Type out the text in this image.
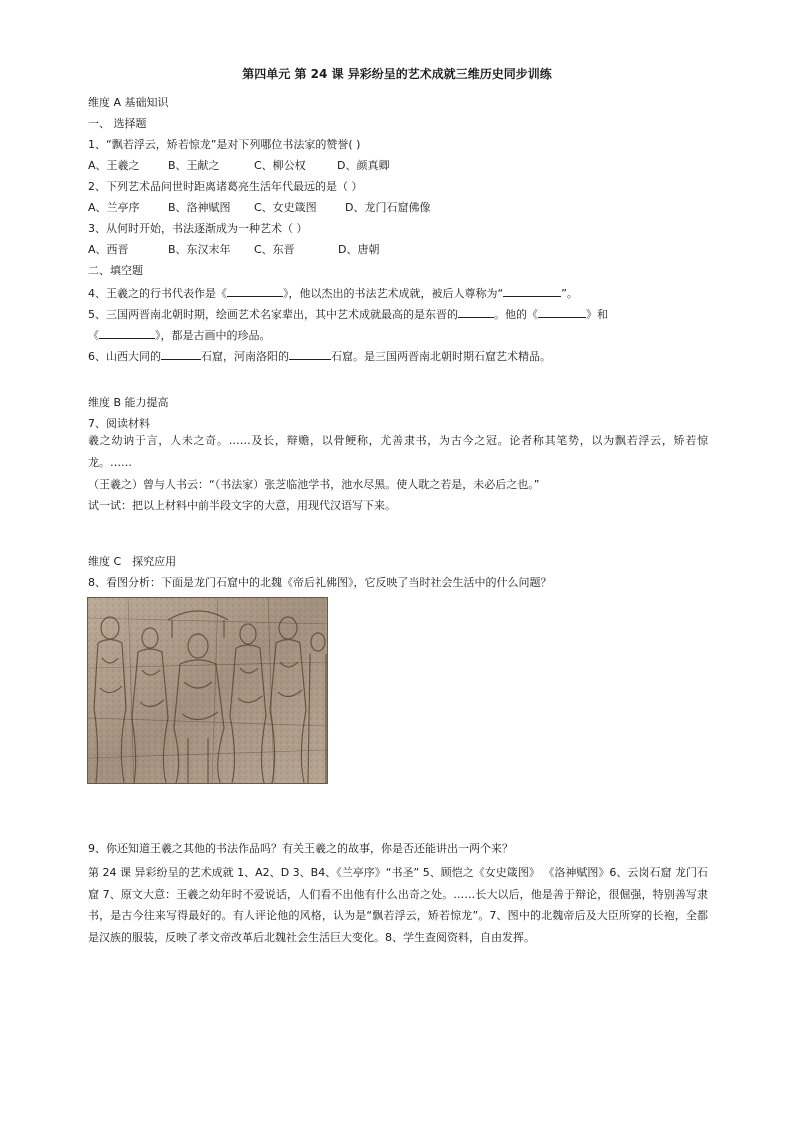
第四单元 第 24 课 异彩纷呈的艺术成就三维历史同步训练
维度 A 基础知识
一、 选择题
1、“飘若浮云，矫若惊龙”是对下列哪位书法家的赞誉( )
A、王羲之	B、王献之	C、柳公权	D、颜真卿
2、下列艺术品问世时距离诸葛亮生活年代最远的是（ ）
A、兰亭序	B、洛神赋图 C、女史箴图	D、龙门石窟佛像
3、从何时开始，书法逐渐成为一种艺术（ ）
A、西晋	B、东汉末年 C、东晋	D、唐朝
二、填空题
4、王羲之的行书代表作是《	》，他以杰出的书法艺术成就，被后人尊称为“	”。
5、三国两晋南北朝时期，绘画艺术名家辈出，其中艺术成就最高的是东晋的	。他的《	》和
《	》，都是古画中的珍品。
6、山西大同的	石窟，河南洛阳的	石窟。是三国两晋南北朝时期石窟艺术精品。
维度 B 能力提高
7、阅读材料
羲之幼讷于言，人未之奇。……及长，辩赡，以骨鲠称，尤善隶书，为古今之冠。论者称其笔势，以为飘若浮云，矫若惊龙。……
（王羲之）曾与人书云：“（书法家）张芝临池学书，池水尽黑。使人耽之若是，未必后之也。”
试一试：把以上材料中前半段文字的大意，用现代汉语写下来。
维度 C　探究应用
8、看图分析：下面是龙门石窟中的北魏《帝后礼佛图》，它反映了当时社会生活中的什么问题？
9、你还知道王羲之其他的书法作品吗？有关王羲之的故事，你是否还能讲出一两个来？
第 24 课 异彩纷呈的艺术成就 1、A2、D 3、B4、《兰亭序》“书圣” 5、顾恺之《女史箴图》 《洛神赋图》6、云岗石窟 龙门石窟 7、原文大意：王羲之幼年时不爱说话，人们看不出他有什么出奇之处。……长大以后，他是善于辩论，很倔强，特别善写隶书，是古今往来写得最好的。有人评论他的风格，认为是“飘若浮云，矫若惊龙”。7、图中的北魏帝后及大臣所穿的长袍，全都是汉族的服装，反映了孝文帝改革后北魏社会生活巨大变化。8、学生查阅资料，自由发挥。
